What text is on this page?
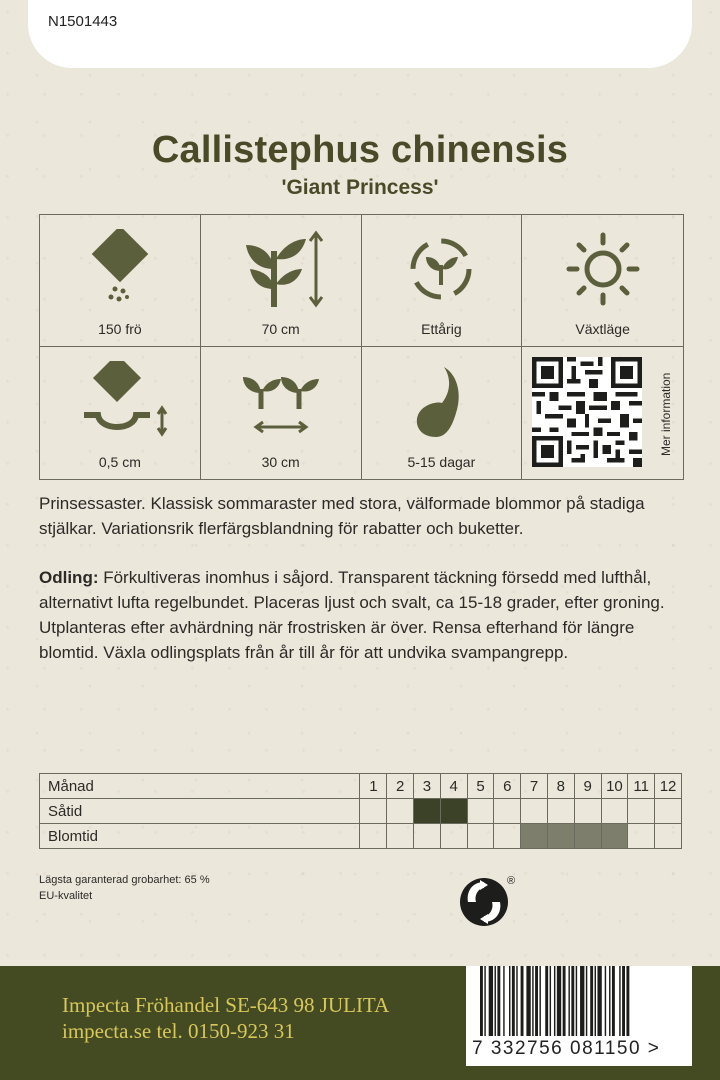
N1501443
Callistephus chinensis
'Giant Princess'
150 frö	70 cm	Ettårig	Växtläge
0,5 cm	30 cm	5-15 dagar
Mer information
Prinsessaster. Klassisk sommaraster med stora, välformade blommor på stadiga stjälkar. Variationsrik flerfärgsblandning för rabatter och buketter.
Odling: Förkultiveras inomhus i såjord. Transparent täckning försedd med lufthål, alternativt lufta regelbundet. Placeras ljust och svalt, ca 15-18 grader, efter groning. Utplanteras efter avhärdning när frostrisken är över. Rensa efterhand för längre blomtid. Växla odlingsplats från år till år för att undvika svampangrepp.
Månad	1	2	3	4	5	6	7	8	9	10	11	12
Såtid												
Blomtid												
Lägsta garanterad grobarhet: 65 %
EU-kvalitet
®
Impecta Fröhandel SE-643 98 JULITA
impecta.se tel. 0150-923 31
7 332756 081150 >
